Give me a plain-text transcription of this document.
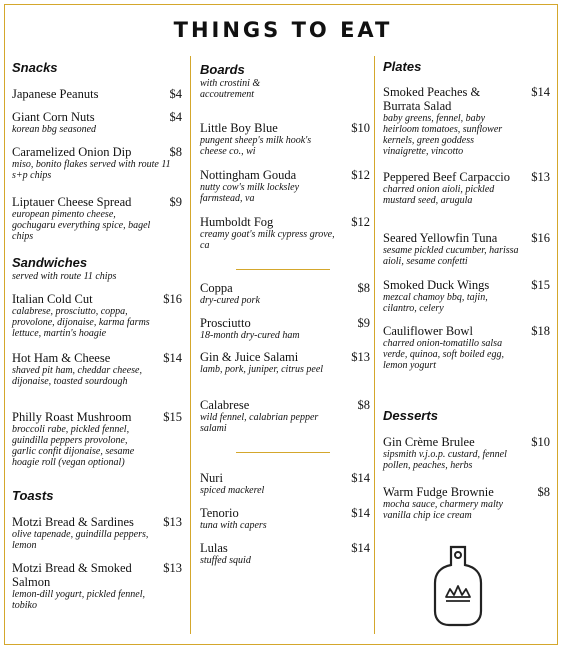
THINGS TO EAT
Snacks
Japanese Peanuts	$4
Giant Corn Nuts
korean bbg seasoned
$4
Caramelized Onion Dip
miso, bonito flakes served with route 11 s+p chips
$8
Liptauer Cheese Spread
european pimento cheese, gochugaru everything spice, bagel chips
$9
Sandwiches
served with route 11 chips
Italian Cold Cut
calabrese, prosciutto, coppa, provolone, dijonaise, karma farms lettuce, martin's hoagie
$16
Hot Ham & Cheese
shaved pit ham, cheddar cheese, dijonaise, toasted sourdough
$14
Philly Roast Mushroom
broccoli rabe, pickled fennel, guindilla peppers provolone, garlic confit dijonaise, sesame hoagie roll (vegan optional)
$15
Toasts
Motzi Bread & Sardines
olive tapenade, guindilla peppers, lemon
$13
Motzi Bread & Smoked Salmon
lemon-dill yogurt, pickled fennel, tobiko
$13
Boards
with crostini & accoutrement
Little Boy Blue
pungent sheep's milk hook's cheese co., wi
$10
Nottingham Gouda
nutty cow's milk locksley farmstead, va
$12
Humboldt Fog
creamy goat's milk cypress grove, ca
$12
Coppa
dry-cured pork
$8
Prosciutto
18-month dry-cured ham
$9
Gin & Juice Salami
lamb, pork, juniper, citrus peel
$13
Calabrese
wild fennel, calabrian pepper salami
$8
Nuri
spiced mackerel
$14
Tenorio
tuna with capers
$14
Lulas
stuffed squid
$14
Plates
Smoked Peaches & Burrata Salad
baby greens, fennel, baby heirloom tomatoes, sunflower kernels, green goddess vinaigrette, vincotto
$14
Peppered Beef Carpaccio
charred onion aioli, pickled mustard seed, arugula
$13
Seared Yellowfin Tuna
sesame pickled cucumber, harissa aioli, sesame confetti
$16
Smoked Duck Wings
mezcal chamoy bbq, tajin, cilantro, celery
$15
Cauliflower Bowl
charred onion-tomatillo salsa verde, quinoa, soft boiled egg, lemon yogurt
$18
Desserts
Gin Crème Brulee
sipsmith v.j.o.p. custard, fennel pollen, peaches, herbs
$10
Warm Fudge Brownie
mocha sauce, charmery malty vanilla chip ice cream
$8
